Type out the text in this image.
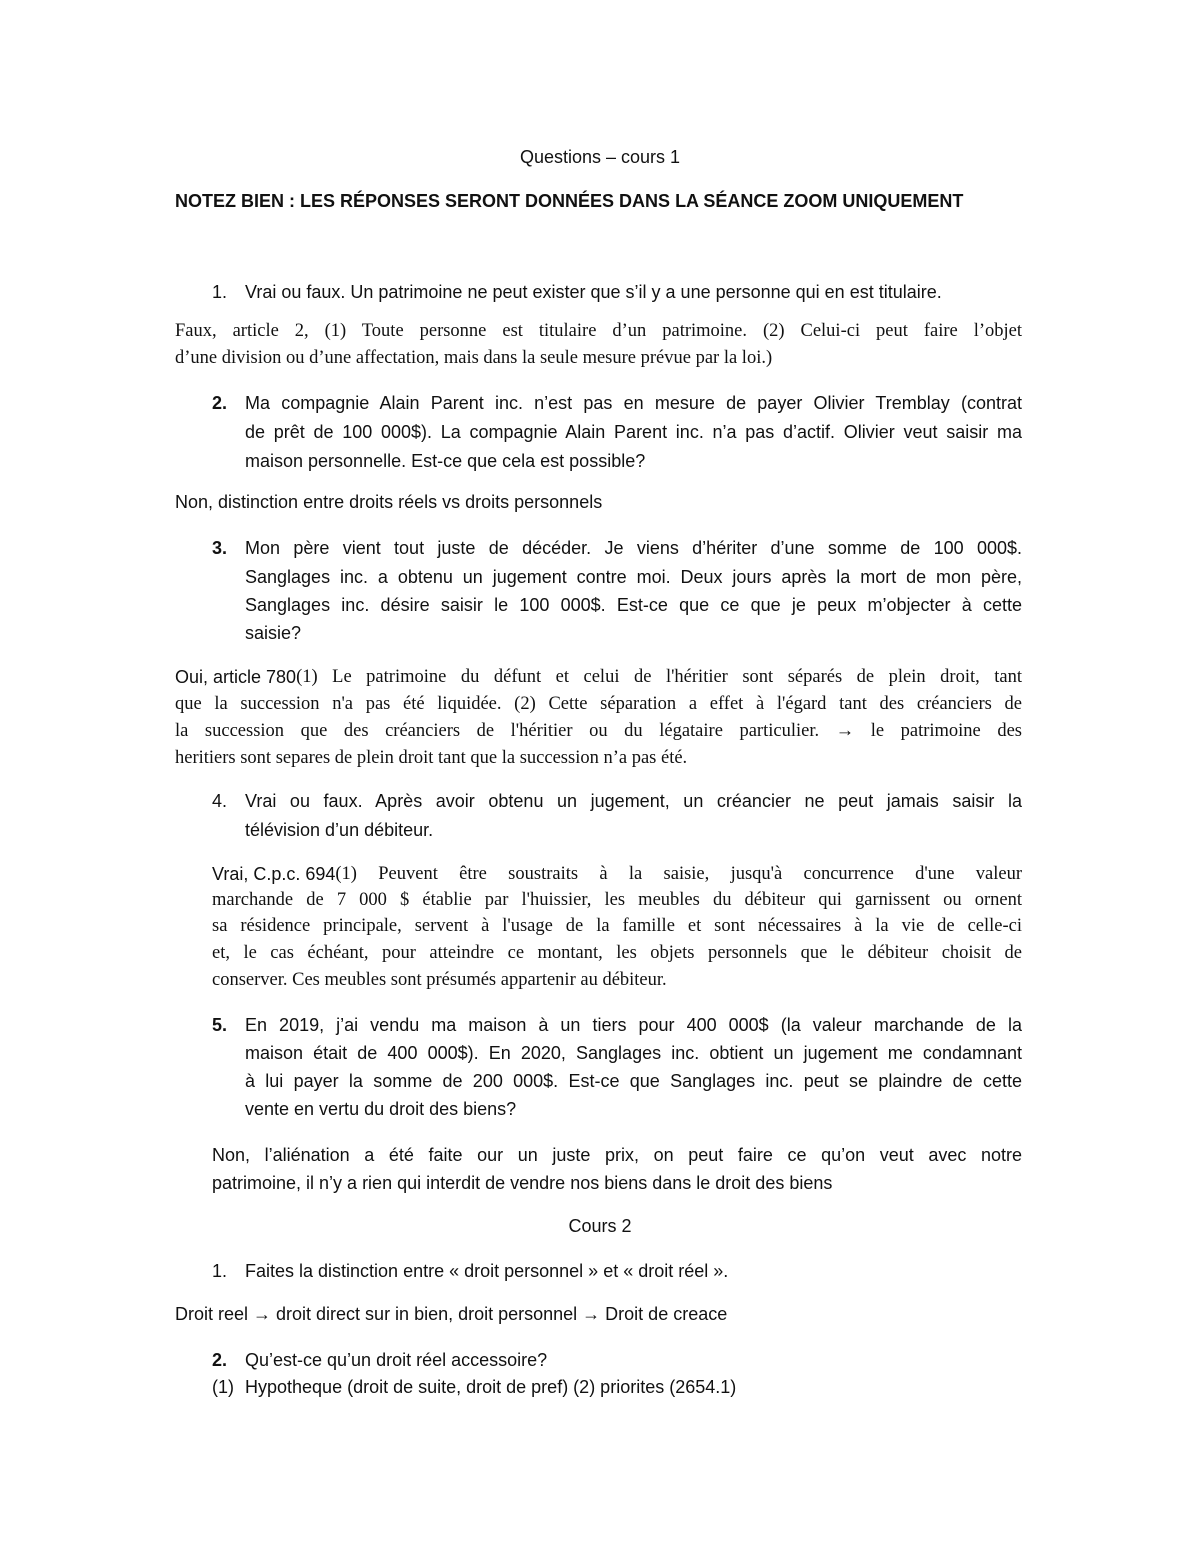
Questions – cours 1
NOTEZ BIEN : LES RÉPONSES SERONT DONNÉES DANS LA SÉANCE ZOOM UNIQUEMENT
1. Vrai ou faux. Un patrimoine ne peut exister que s’il y a une personne qui en est titulaire.
Faux, article 2, (1) Toute personne est titulaire d’un patrimoine. (2) Celui-ci peut faire l’objet
d’une division ou d’une affectation, mais dans la seule mesure prévue par la loi.)
2. Ma compagnie Alain Parent inc. n’est pas en mesure de payer Olivier Tremblay (contrat
de prêt de 100 000$). La compagnie Alain Parent inc. n’a pas d’actif. Olivier veut saisir ma
maison personnelle. Est-ce que cela est possible?
Non, distinction entre droits réels vs droits personnels
3. Mon père vient tout juste de décéder. Je viens d’hériter d’une somme de 100 000$.
Sanglages inc. a obtenu un jugement contre moi. Deux jours après la mort de mon père,
Sanglages inc. désire saisir le 100 000$. Est-ce que ce que je peux m’objecter à cette
saisie?
Oui, article 780 (1) Le patrimoine du défunt et celui de l'héritier sont séparés de plein droit, tant
que la succession n'a pas été liquidée. (2) Cette séparation a effet à l'égard tant des créanciers de
la succession que des créanciers de l'héritier ou du légataire particulier. → le patrimoine des
heritiers sont separes de plein droit tant que la succession n’a pas été.
4. Vrai ou faux. Après avoir obtenu un jugement, un créancier ne peut jamais saisir la
télévision d’un débiteur.
Vrai, C.p.c. 694 (1) Peuvent être soustraits à la saisie, jusqu'à concurrence d'une valeur
marchande de 7 000 $ établie par l'huissier, les meubles du débiteur qui garnissent ou ornent
sa résidence principale, servent à l'usage de la famille et sont nécessaires à la vie de celle-ci
et, le cas échéant, pour atteindre ce montant, les objets personnels que le débiteur choisit de
conserver. Ces meubles sont présumés appartenir au débiteur.
5. En 2019, j’ai vendu ma maison à un tiers pour 400 000$ (la valeur marchande de la
maison était de 400 000$). En 2020, Sanglages inc. obtient un jugement me condamnant
à lui payer la somme de 200 000$. Est-ce que Sanglages inc. peut se plaindre de cette
vente en vertu du droit des biens?
Non, l’aliénation a été faite our un juste prix, on peut faire ce qu’on veut avec notre
patrimoine, il n’y a rien qui interdit de vendre nos biens dans le droit des biens
Cours 2
1. Faites la distinction entre « droit personnel » et « droit réel ».
Droit reel → droit direct sur in bien, droit personnel → Droit de creace
2. Qu’est-ce qu’un droit réel accessoire?
(1) Hypotheque (droit de suite, droit de pref) (2) priorites (2654.1)
